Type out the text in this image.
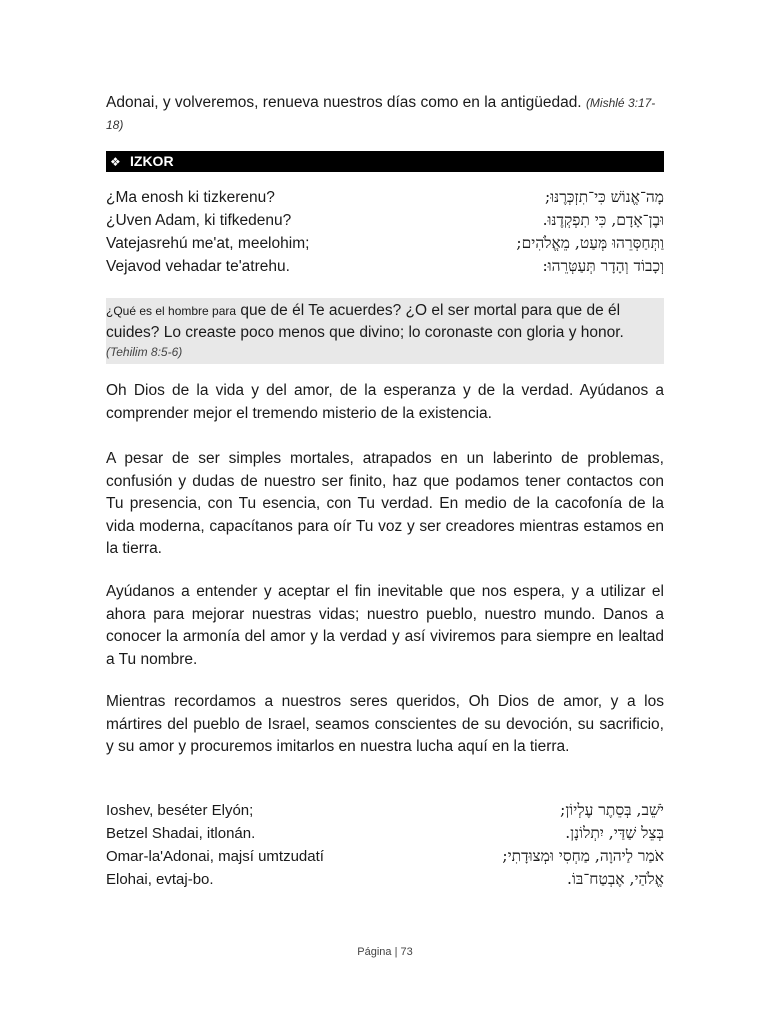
Adonai, y volveremos, renueva nuestros días como en la antigüedad. (Mishlé 3:17-18)
❖ IZKOR
¿Ma enosh ki tizkerenu?	מָה־אֱנוֹשׁ כִּי־תִזְכְּרֶנּוּ;
¿Uven Adam, ki tifkedenu?	וּבֶן־אָדָם, כִּי תִפְקְדֶנּוּ.
Vatejasrehú me'at, meelohim;	וַתְּחַסְּרֵהוּ מְּעַט, מֵאֱלֹהִים;
Vejavod vehadar te'atrehu.	וְכָבוֹד וְהָדָר תְּעַטְּרֵהוּ:
¿Qué es el hombre para que de él Te acuerdes? ¿O el ser mortal para que de él cuides? Lo creaste poco menos que divino; lo coronaste con gloria y honor.
(Tehilim 8:5-6)

Oh Dios de la vida y del amor, de la esperanza y de la verdad. Ayúdanos a comprender mejor el tremendo misterio de la existencia.

A pesar de ser simples mortales, atrapados en un laberinto de problemas, confusión y dudas de nuestro ser finito, haz que podamos tener contactos con Tu presencia, con Tu esencia, con Tu verdad. En medio de la cacofonía de la vida moderna, capacítanos para oír Tu voz y ser creadores mientras estamos en la tierra.

Ayúdanos a entender y aceptar el fin inevitable que nos espera, y a utilizar el ahora para mejorar nuestras vidas; nuestro pueblo, nuestro mundo. Danos a conocer la armonía del amor y la verdad y así viviremos para siempre en lealtad a Tu nombre.

Mientras recordamos a nuestros seres queridos, Oh Dios de amor, y a los mártires del pueblo de Israel, seamos conscientes de su devoción, su sacrificio, y su amor y procuremos imitarlos en nuestra lucha aquí en la tierra.

Ioshev, beséter Elyón;	יֹשֵׁב, בְּסֵתֶר עֶלְיוֹן;
Betzel Shadai, itlonán.	בְּצֵל שַׁדַּי, יִתְלוֹנָן.
Omar-la'Adonai, majsí umtzudatí	אֹמַר לַיהוָה, מַחְסִי וּמְצוּדָתִי;
Elohai, evtaj-bo.	אֱלֹהַי, אֶבְטַח־בּוֹ.
Página | 73
